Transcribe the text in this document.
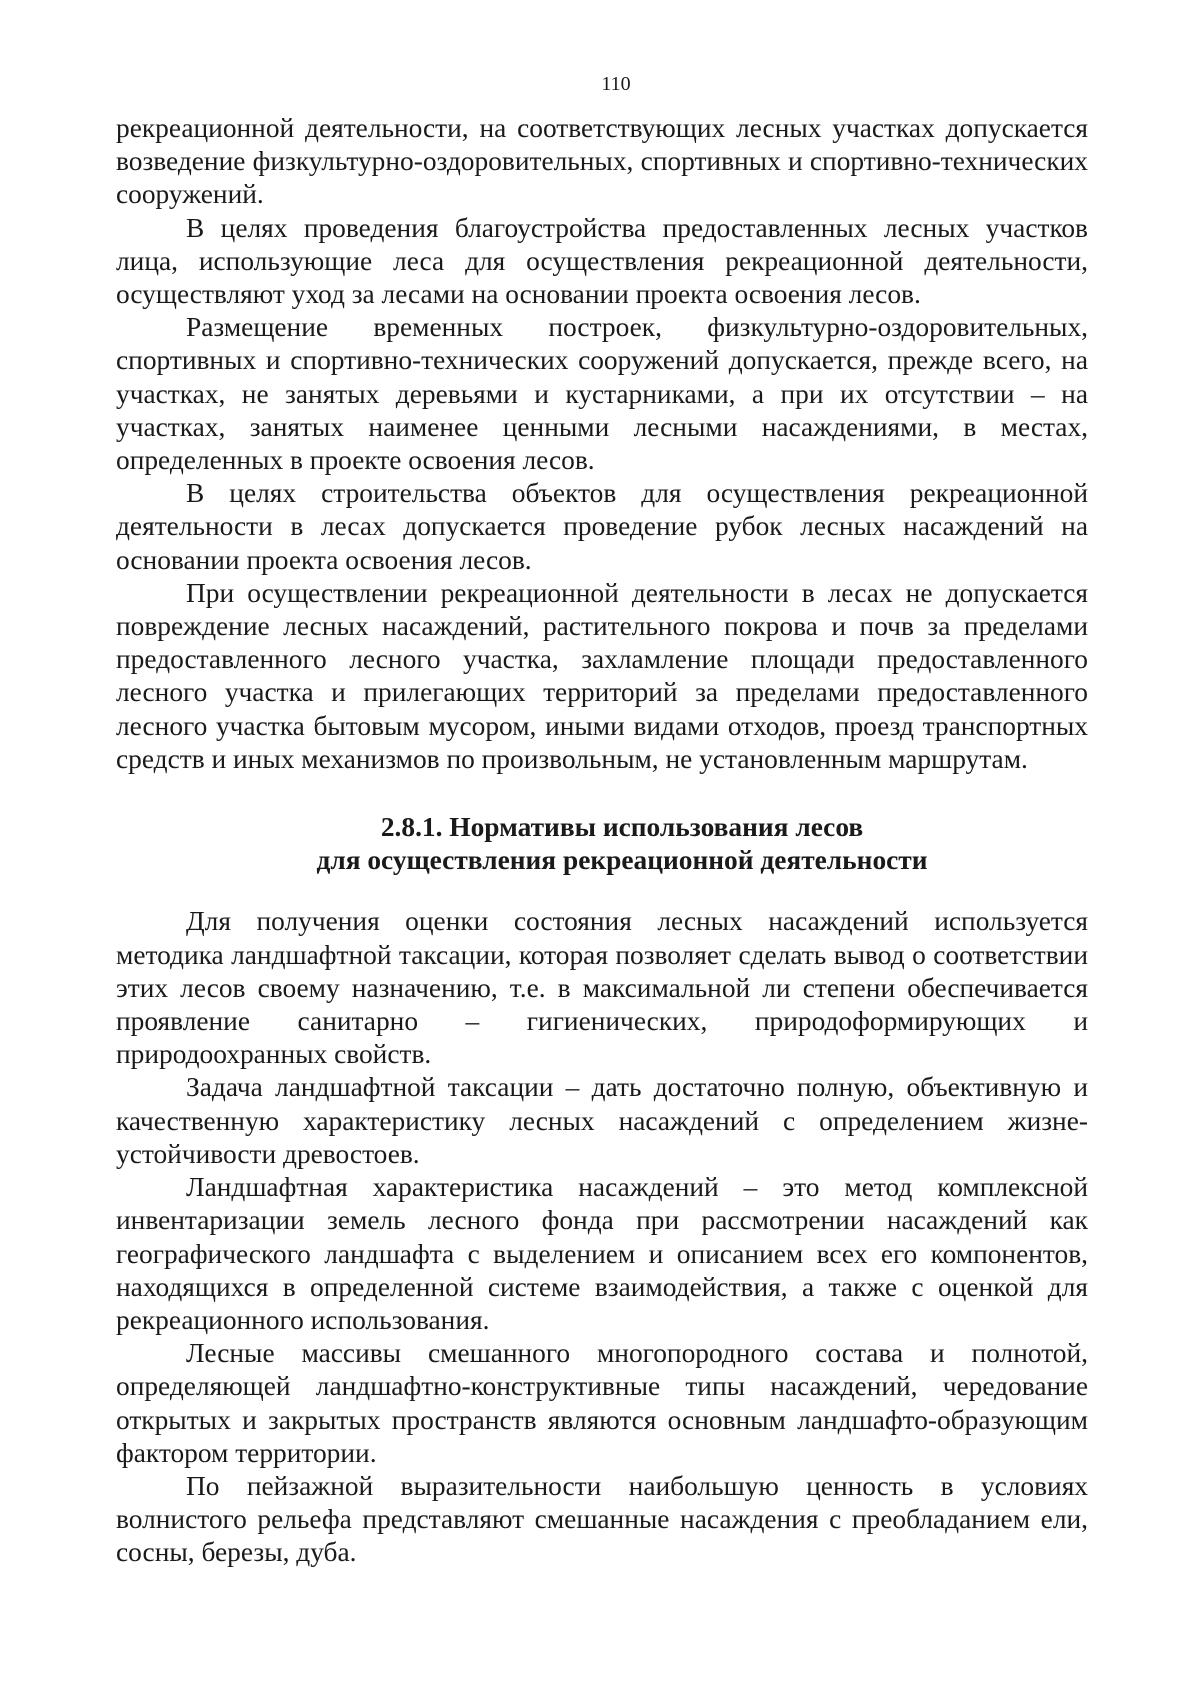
110

рекреационной деятельности, на соответствующих лесных участках допускается возведение физкультурно-оздоровительных, спортивных и спортивно-технических сооружений.

В целях проведения благоустройства предоставленных лесных участков лица, использующие леса для осуществления рекреационной деятельности, осуществляют уход за лесами на основании проекта освоения лесов.

Размещение временных построек, физкультурно-оздоровительных, спортивных и спортивно-технических сооружений допускается, прежде всего, на участках, не занятых деревьями и кустарниками, а при их отсутствии – на участках, занятых наименее ценными лесными насаждениями, в местах, определенных в проекте освоения лесов.

В целях строительства объектов для осуществления рекреационной деятельности в лесах допускается проведение рубок лесных насаждений на основании проекта освоения лесов.

При осуществлении рекреационной деятельности в лесах не допускается повреждение лесных насаждений, растительного покрова и почв за пределами предоставленного лесного участка, захламление площади предоставленного лесного участка и прилегающих территорий за пределами предоставленного лесного участка бытовым мусором, иными видами отходов, проезд транспортных средств и иных механизмов по произвольным, не установленным маршрутам.

2.8.1. Нормативы использования лесов
для осуществления рекреационной деятельности

Для получения оценки состояния лесных насаждений используется методика ландшафтной таксации, которая позволяет сделать вывод о соответствии этих лесов своему назначению, т.е. в максимальной ли степени обеспечивается проявление санитарно – гигиенических, природоформирующих и природоохранных свойств.

Задача ландшафтной таксации – дать достаточно полную, объективную и качественную характеристику лесных насаждений с определением жизне-устойчивости древостоев.

Ландшафтная характеристика насаждений – это метод комплексной инвентаризации земель лесного фонда при рассмотрении насаждений как географического ландшафта с выделением и описанием всех его компонентов, находящихся в определенной системе взаимодействия, а также с оценкой для рекреационного использования.

Лесные массивы смешанного многопородного состава и полнотой, определяющей ландшафтно-конструктивные типы насаждений, чередование открытых и закрытых пространств являются основным ландшафто-образующим фактором территории.

По пейзажной выразительности наибольшую ценность в условиях волнистого рельефа представляют смешанные насаждения с преобладанием ели, сосны, березы, дуба.
